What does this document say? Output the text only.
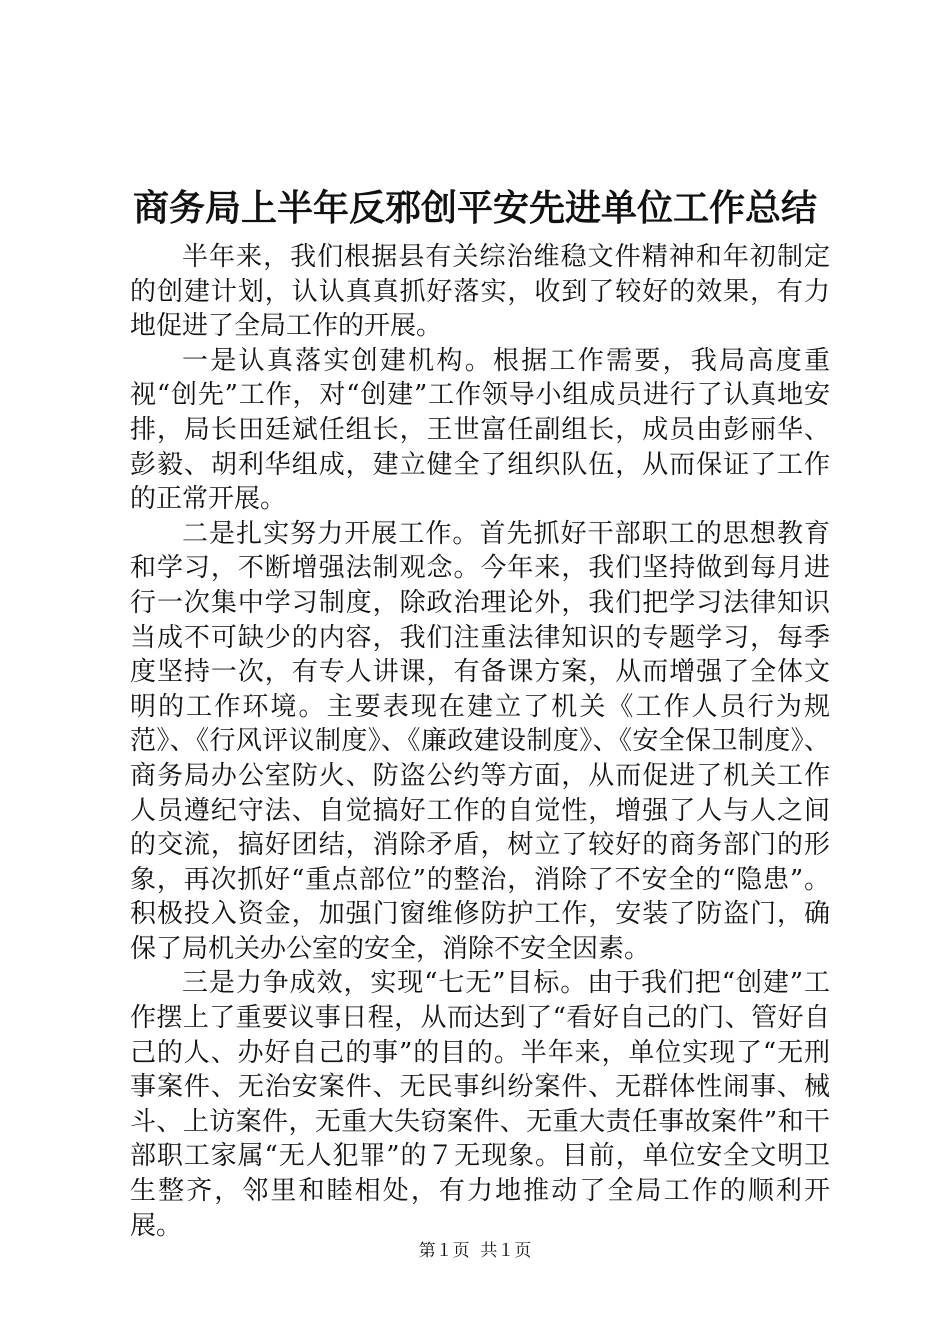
商务局上半年反邪创平安先进单位工作总结

半年来，我们根据县有关综治维稳文件精神和年初制定的创建计划，认认真真抓好落实，收到了较好的效果，有力地促进了全局工作的开展。

一是认真落实创建机构。根据工作需要，我局高度重视“创先”工作，对“创建”工作领导小组成员进行了认真地安排，局长田廷斌任组长，王世富任副组长，成员由彭丽华、彭毅、胡利华组成，建立健全了组织队伍，从而保证了工作的正常开展。

二是扎实努力开展工作。首先抓好干部职工的思想教育和学习，不断增强法制观念。今年来，我们坚持做到每月进行一次集中学习制度，除政治理论外，我们把学习法律知识当成不可缺少的内容，我们注重法律知识的专题学习，每季度坚持一次，有专人讲课，有备课方案，从而增强了全体文明的工作环境。主要表现在建立了机关《工作人员行为规范》、《行风评议制度》、《廉政建设制度》、《安全保卫制度》、商务局办公室防火、防盗公约等方面，从而促进了机关工作人员遵纪守法、自觉搞好工作的自觉性，增强了人与人之间的交流，搞好团结，消除矛盾，树立了较好的商务部门的形象，再次抓好“重点部位”的整治，消除了不安全的“隐患”。积极投入资金，加强门窗维修防护工作，安装了防盗门，确保了局机关办公室的安全，消除不安全因素。

三是力争成效，实现“七无”目标。由于我们把“创建”工作摆上了重要议事日程，从而达到了“看好自己的门、管好自己的人、办好自己的事”的目的。半年来，单位实现了“无刑事案件、无治安案件、无民事纠纷案件、无群体性闹事、械斗、上访案件，无重大失窃案件、无重大责任事故案件”和干部职工家属“无人犯罪”的７无现象。目前，单位安全文明卫生整齐，邻里和睦相处，有力地推动了全局工作的顺利开展。

第１页  共１页
